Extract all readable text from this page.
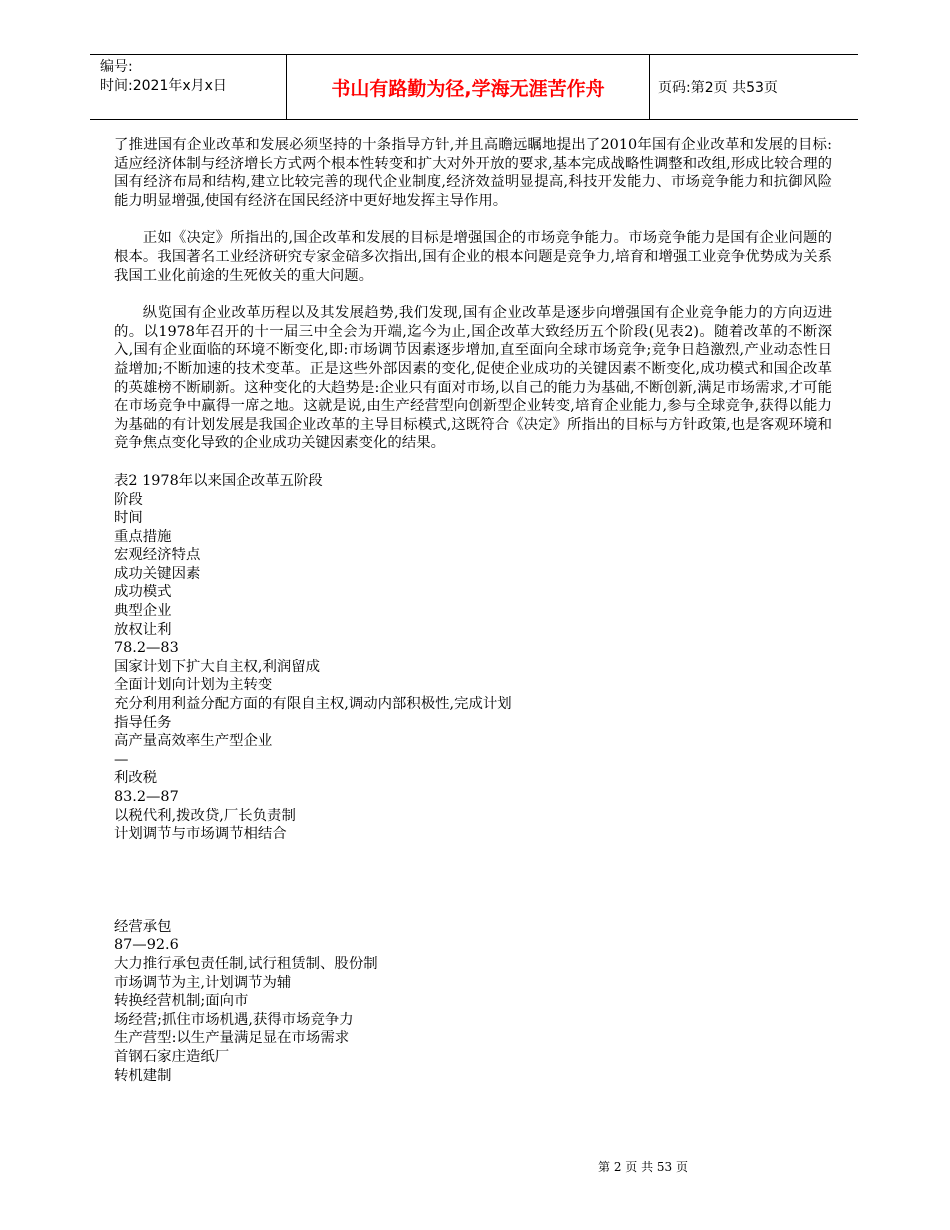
编号:
时间:2021年x月x日	书山有路勤为径,学海无涯苦作舟	页码:第2页 共53页

了推进国有企业改革和发展必须坚持的十条指导方针,并且高瞻远瞩地提出了2010年国有企业改革和发展的目标:适应经济体制与经济增长方式两个根本性转变和扩大对外开放的要求,基本完成战略性调整和改组,形成比较合理的国有经济布局和结构,建立比较完善的现代企业制度,经济效益明显提高,科技开发能力、市场竞争能力和抗御风险能力明显增强,使国有经济在国民经济中更好地发挥主导作用。

正如《决定》所指出的,国企改革和发展的目标是增强国企的市场竞争能力。市场竞争能力是国有企业问题的根本。我国著名工业经济研究专家金碚多次指出,国有企业的根本问题是竞争力,培育和增强工业竞争优势成为关系我国工业化前途的生死攸关的重大问题。

纵览国有企业改革历程以及其发展趋势,我们发现,国有企业改革是逐步向增强国有企业竞争能力的方向迈进的。以1978年召开的十一届三中全会为开端,迄今为止,国企改革大致经历五个阶段(见表2)。随着改革的不断深入,国有企业面临的环境不断变化,即:市场调节因素逐步增加,直至面向全球市场竞争;竞争日趋激烈,产业动态性日益增加;不断加速的技术变革。正是这些外部因素的变化,促使企业成功的关键因素不断变化,成功模式和国企改革的英雄榜不断刷新。这种变化的大趋势是:企业只有面对市场,以自己的能力为基础,不断创新,满足市场需求,才可能在市场竞争中赢得一席之地。这就是说,由生产经营型向创新型企业转变,培育企业能力,参与全球竞争,获得以能力为基础的有计划发展是我国企业改革的主导目标模式,这既符合《决定》所指出的目标与方针政策,也是客观环境和竞争焦点变化导致的企业成功关键因素变化的结果。

表2 1978年以来国企改革五阶段
阶段
时间
重点措施
宏观经济特点
成功关键因素
成功模式
典型企业
放权让利
78.2—83
国家计划下扩大自主权,利润留成
全面计划向计划为主转变
充分利用利益分配方面的有限自主权,调动内部积极性,完成计划
指导任务
高产量高效率生产型企业
—
利改税
83.2—87
以税代利,拨改贷,厂长负责制
计划调节与市场调节相结合
经营承包
87—92.6
大力推行承包责任制,试行租赁制、股份制
市场调节为主,计划调节为辅
转换经营机制;面向市
场经营;抓住市场机遇,获得市场竞争力
生产营型:以生产量满足显在市场需求
首钢石家庄造纸厂
转机建制
第 2 页 共 53 页
